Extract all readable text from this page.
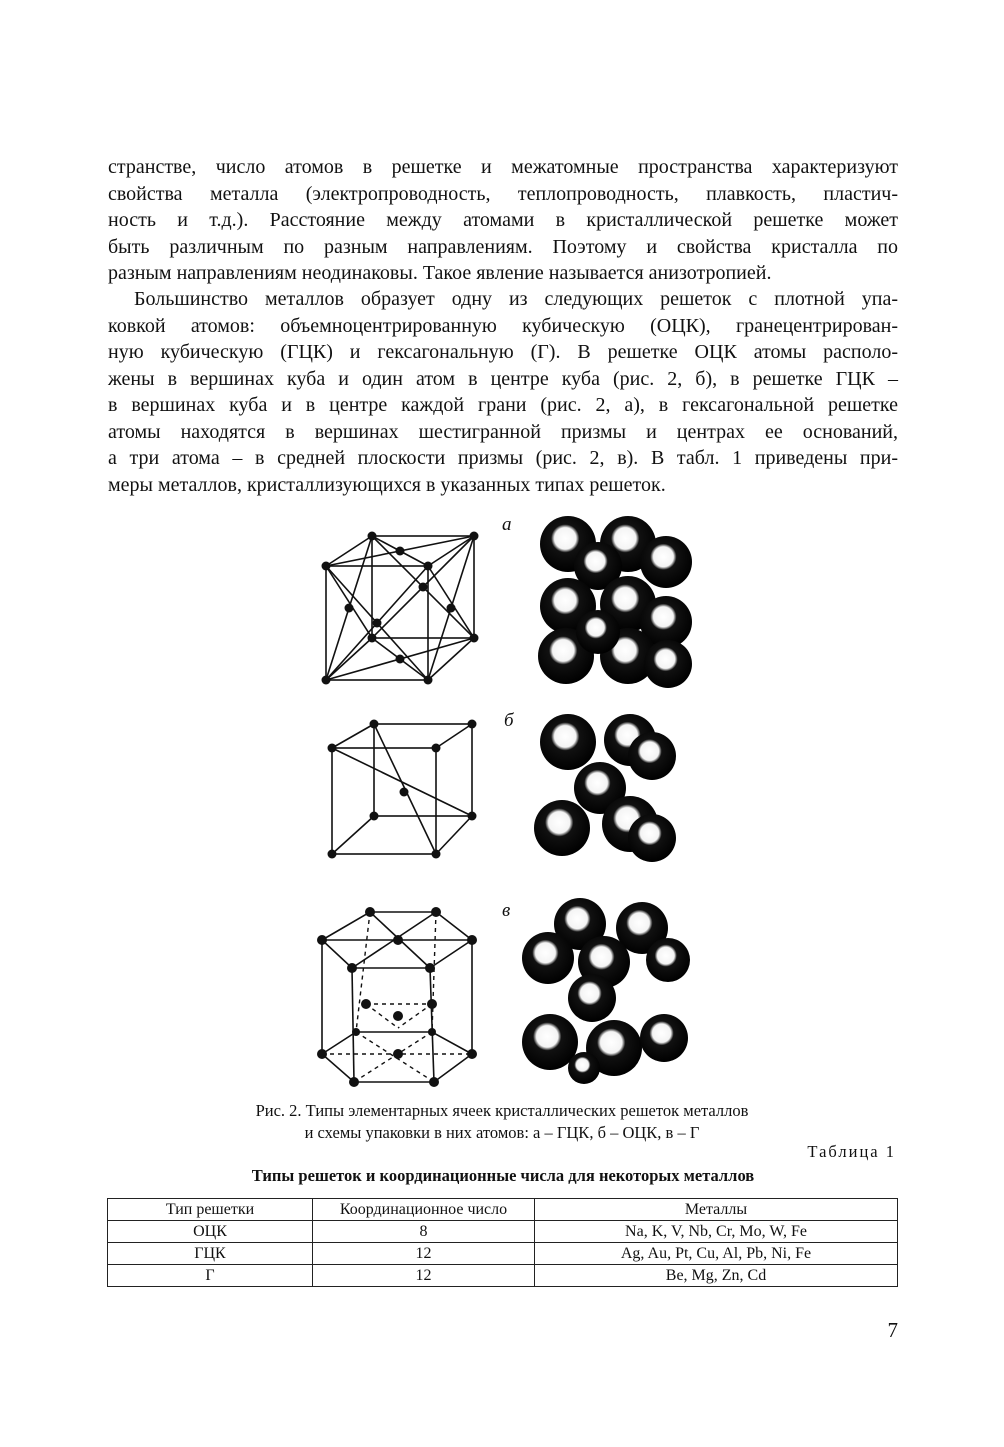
странстве, число атомов в решетке и межатомные пространства характеризуют
свойства металла (электропроводность, теплопроводность, плавкость, пластич-
ность и т.д.). Расстояние между атомами в кристаллической решетке может
быть различным по разным направлениям. Поэтому и свойства кристалла по
разным направлениям неодинаковы. Такое явление называется анизотропией.
Большинство металлов образует одну из следующих решеток с плотной упа-
ковкой атомов: объемноцентрированную кубическую (ОЦК), гранецентрирован-
ную кубическую (ГЦК) и гексагональную (Г). В решетке ОЦК атомы располо-
жены в вершинах куба и один атом в центре куба (рис. 2, б), в решетке ГЦК –
в вершинах куба и в центре каждой грани (рис. 2, а), в гексагональной решетке
атомы находятся в вершинах шестигранной призмы и центрах ее оснований,
а три атома – в средней плоскости призмы (рис. 2, в). В табл. 1 приведены при-
меры металлов, кристаллизующихся в указанных типах решеток.
а
б
в
Рис. 2. Типы элементарных ячеек кристаллических решеток металлов
и схемы упаковки в них атомов: а – ГЦК, б – ОЦК, в – Г
Таблица 1
Типы решеток и координационные числа для некоторых металлов
Тип решетки	Координационное число	Металлы
ОЦК	8	Na, K, V, Nb, Cr, Mo, W, Fe
ГЦК	12	Ag, Au, Pt, Cu, Al, Pb, Ni, Fe
Г	12	Be, Mg, Zn, Cd
7
